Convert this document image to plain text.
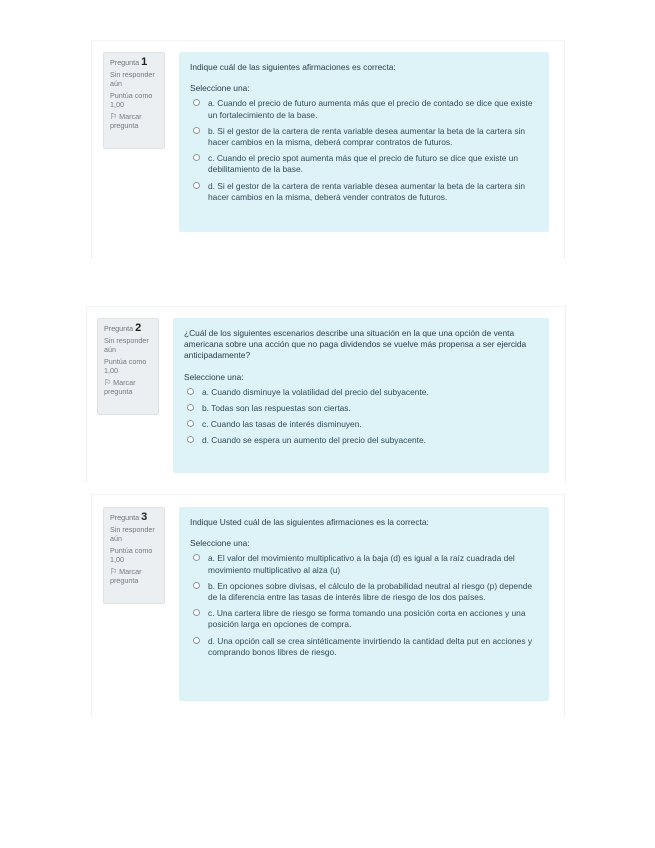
Pregunta 1
Sin responder aún
Puntúa como 1,00
⚐ Marcar pregunta
Indique cuál de las siguientes afirmaciones es correcta:
Seleccione una:
a. Cuando el precio de futuro aumenta más que el precio de contado se dice que existe un fortalecimiento de la base.
b. Si el gestor de la cartera de renta variable desea aumentar la beta de la cartera sin hacer cambios en la misma, deberá comprar contratos de futuros.
c. Cuando el precio spot aumenta más que el precio de futuro se dice que existe un debilitamiento de la base.
d. Si el gestor de la cartera de renta variable desea aumentar la beta de la cartera sin hacer cambios en la misma, deberá vender contratos de futuros.
Pregunta 2
Sin responder aún
Puntúa como 1,00
⚐ Marcar pregunta
¿Cuál de los siguientes escenarios describe una situación en la que una opción de venta americana sobre una acción que no paga dividendos se vuelve más propensa a ser ejercida anticipadamente?
Seleccione una:
a. Cuando disminuye la volatilidad del precio del subyacente.
b. Todas son las respuestas son ciertas.
c. Cuando las tasas de interés disminuyen.
d. Cuando se espera un aumento del precio del subyacente.
Pregunta 3
Sin responder aún
Puntúa como 1,00
⚐ Marcar pregunta
Indique Usted cuál de las siguientes afirmaciones es la correcta:
Seleccione una:
a. El valor del movimiento multiplicativo a la baja (d) es igual a la raíz cuadrada del movimiento multiplicativo al alza (u)
b. En opciones sobre divisas, el cálculo de la probabilidad neutral al riesgo (p) depende de la diferencia entre las tasas de interés libre de riesgo de los dos países.
c. Una cartera libre de riesgo se forma tomando una posición corta en acciones y una posición larga en opciones de compra.
d. Una opción call se crea sintéticamente invirtiendo la cantidad delta put en acciones y comprando bonos libres de riesgo.
